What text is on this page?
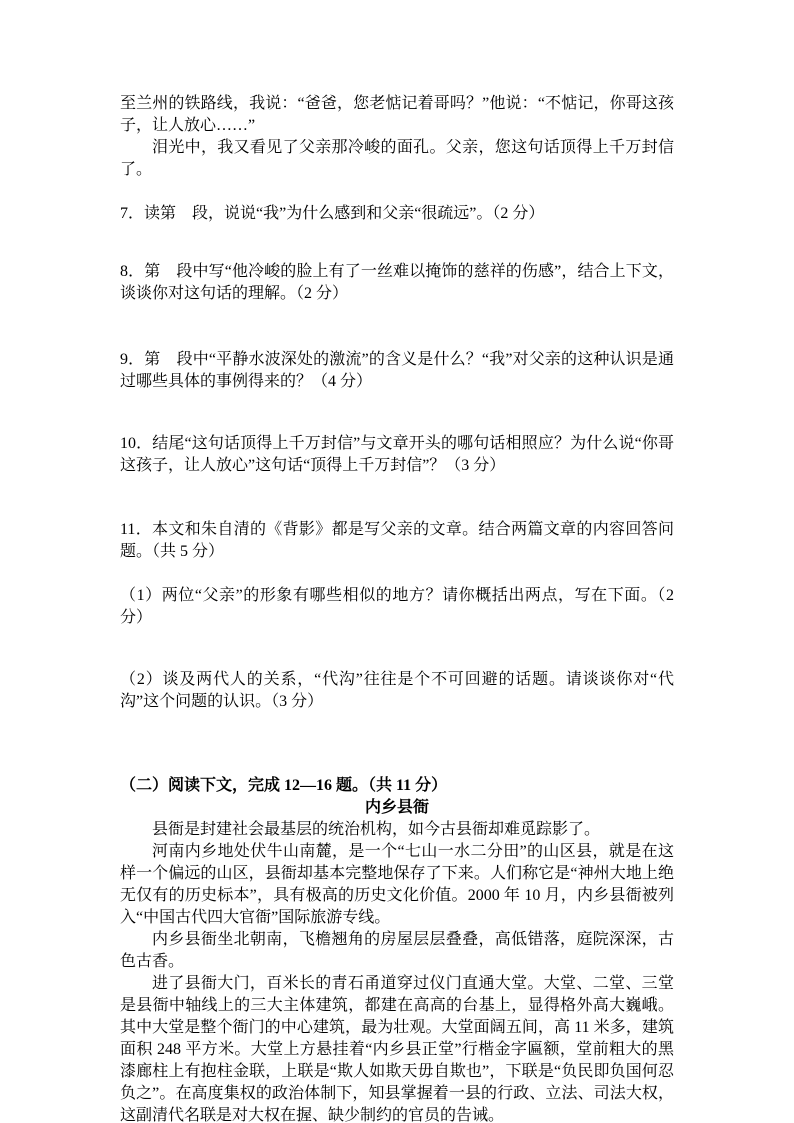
至兰州的铁路线，我说：“爸爸，您老惦记着哥吗？”他说：“不惦记，你哥这孩子，让人放心……”

泪光中，我又看见了父亲那冷峻的面孔。父亲，您这句话顶得上千万封信了。

7．读第　段，说说“我”为什么感到和父亲“很疏远”。（2 分）

8．第　段中写“他冷峻的脸上有了一丝难以掩饰的慈祥的伤感”，结合上下文，谈谈你对这句话的理解。（2 分）

9．第　段中“平静水波深处的激流”的含义是什么？“我”对父亲的这种认识是通过哪些具体的事例得来的？（4 分）

10．结尾“这句话顶得上千万封信”与文章开头的哪句话相照应？为什么说“你哥这孩子，让人放心”这句话“顶得上千万封信”？（3 分）

11．本文和朱自清的《背影》都是写父亲的文章。结合两篇文章的内容回答问题。（共 5 分）

（1）两位“父亲”的形象有哪些相似的地方？请你概括出两点，写在下面。（2 分）

（2）谈及两代人的关系，“代沟”往往是个不可回避的话题。请谈谈你对“代沟”这个问题的认识。（3 分）

（二）阅读下文，完成 12—16 题。（共 11 分）

内乡县衙

县衙是封建社会最基层的统治机构，如今古县衙却难觅踪影了。

河南内乡地处伏牛山南麓，是一个“七山一水二分田”的山区县，就是在这样一个偏远的山区，县衙却基本完整地保存了下来。人们称它是“神州大地上绝无仅有的历史标本”，具有极高的历史文化价值。2000 年 10 月，内乡县衙被列入“中国古代四大官衙”国际旅游专线。

内乡县衙坐北朝南，飞檐翘角的房屋层层叠叠，高低错落，庭院深深，古色古香。

进了县衙大门，百米长的青石甬道穿过仪门直通大堂。大堂、二堂、三堂是县衙中轴线上的三大主体建筑，都建在高高的台基上，显得格外高大巍峨。其中大堂是整个衙门的中心建筑，最为壮观。大堂面阔五间，高 11 米多，建筑面积 248 平方米。大堂上方悬挂着“内乡县正堂”行楷金字匾额，堂前粗大的黑漆廊柱上有抱柱金联，上联是“欺人如欺天毋自欺也”，下联是“负民即负国何忍负之”。在高度集权的政治体制下，知县掌握着一县的行政、立法、司法大权，这副清代名联是对大权在握、缺少制约的官员的告诫。
